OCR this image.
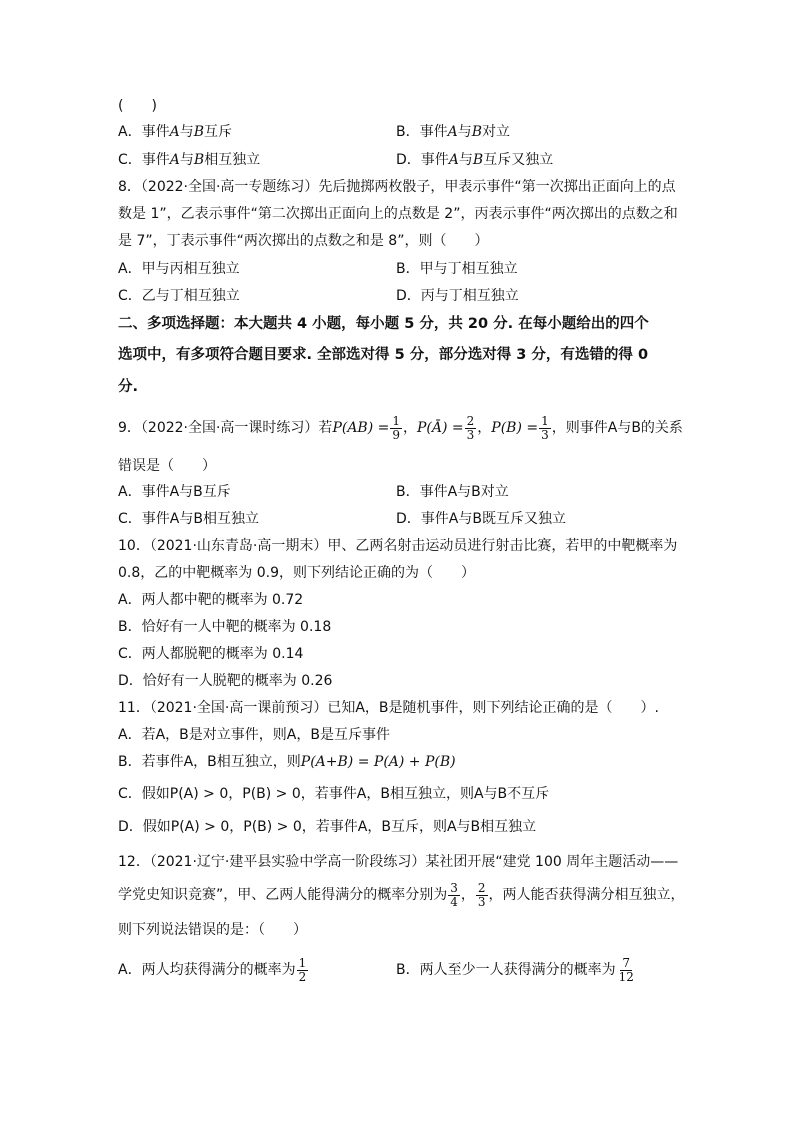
(　　)
A．事件A与B互斥	B．事件A与B对立
C．事件A与B相互独立	D．事件A与B互斥又独立
8．（2022·全国·高一专题练习）先后抛掷两枚骰子，甲表示事件“第一次掷出正面向上的点
数是 1”，乙表示事件“第二次掷出正面向上的点数是 2”，丙表示事件“两次掷出的点数之和
是 7”，丁表示事件“两次掷出的点数之和是 8”，则（　　）
A．甲与丙相互独立	B．甲与丁相互独立
C．乙与丁相互独立	D．丙与丁相互独立
二、多项选择题：本大题共 4 小题，每小题 5 分，共 20 分. 在每小题给出的四个
选项中，有多项符合题目要求. 全部选对得 5 分，部分选对得 3 分，有选错的得 0
分.
9．（2022·全国·高一课时练习）若$P(AB) = \frac{1}{9}$ ，P(Ā) = $\frac{2}{3}$ ，$P(B) = \frac{1}{3}$ ，则事件A与B的关系
错误是（　　）
A．事件A与B互斥	B．事件A与B对立
C．事件A与B相互独立	D．事件A与B既互斥又独立
10．（2021·山东青岛·高一期末）甲、乙两名射击运动员进行射击比赛，若甲的中靶概率为
0.8，乙的中靶概率为 0.9，则下列结论正确的为（　　）
A．两人都中靶的概率为 0.72
B．恰好有一人中靶的概率为 0.18
C．两人都脱靶的概率为 0.14
D．恰好有一人脱靶的概率为 0.26
11．（2021·全国·高一课前预习）已知A，B是随机事件，则下列结论正确的是（　　）.
A．若A，B是对立事件，则A，B是互斥事件
B．若事件A，B相互独立，则P(A+B) = P(A) + P(B)
C．假如P(A) > 0，P(B) > 0，若事件A，B相互独立，则A与B不互斥
D．假如P(A) > 0，P(B) > 0，若事件A，B互斥，则A与B相互独立
12．（2021·辽宁·建平县实验中学高一阶段练习）某社团开展“建党 100 周年主题活动——
学党史知识竞赛”，甲、乙两人能得满分的概率分别为 $\frac{3}{4}$ ， $\frac{2}{3}$ ，两人能否获得满分相互独立，
则下列说法错误的是：（　　）
A．两人均获得满分的概率为 $\frac{1}{2}$	B．两人至少一人获得满分的概率为 $\frac{7}{12}$
